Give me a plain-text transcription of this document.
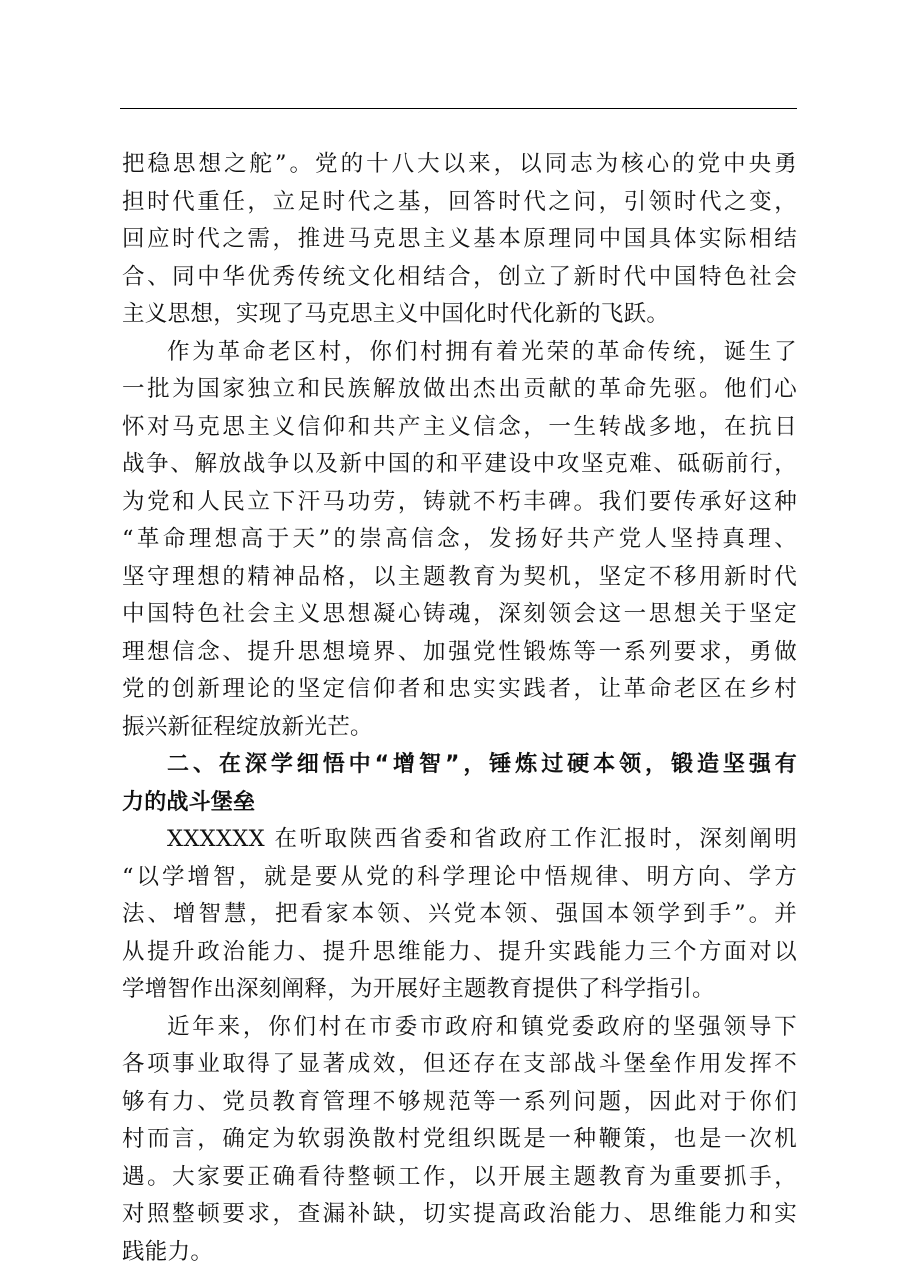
把稳思想之舵”。党的十八大以来，以同志为核心的党中央勇
担时代重任，立足时代之基，回答时代之问，引领时代之变，
回应时代之需，推进马克思主义基本原理同中国具体实际相结
合、同中华优秀传统文化相结合，创立了新时代中国特色社会
主义思想，实现了马克思主义中国化时代化新的飞跃。
作为革命老区村，你们村拥有着光荣的革命传统，诞生了
一批为国家独立和民族解放做出杰出贡献的革命先驱。他们心
怀对马克思主义信仰和共产主义信念，一生转战多地，在抗日
战争、解放战争以及新中国的和平建设中攻坚克难、砥砺前行，
为党和人民立下汗马功劳，铸就不朽丰碑。我们要传承好这种
“革命理想高于天”的崇高信念，发扬好共产党人坚持真理、
坚守理想的精神品格，以主题教育为契机，坚定不移用新时代
中国特色社会主义思想凝心铸魂，深刻领会这一思想关于坚定
理想信念、提升思想境界、加强党性锻炼等一系列要求，勇做
党的创新理论的坚定信仰者和忠实实践者，让革命老区在乡村
振兴新征程绽放新光芒。
二、在深学细悟中“增智”，锤炼过硬本领，锻造坚强有
力的战斗堡垒
XXXXXX 在听取陕西省委和省政府工作汇报时，深刻阐明
“以学增智，就是要从党的科学理论中悟规律、明方向、学方
法、增智慧，把看家本领、兴党本领、强国本领学到手”。并
从提升政治能力、提升思维能力、提升实践能力三个方面对以
学增智作出深刻阐释，为开展好主题教育提供了科学指引。
近年来，你们村在市委市政府和镇党委政府的坚强领导下
各项事业取得了显著成效，但还存在支部战斗堡垒作用发挥不
够有力、党员教育管理不够规范等一系列问题，因此对于你们
村而言，确定为软弱涣散村党组织既是一种鞭策，也是一次机
遇。大家要正确看待整顿工作，以开展主题教育为重要抓手，
对照整顿要求，查漏补缺，切实提高政治能力、思维能力和实
践能力。
